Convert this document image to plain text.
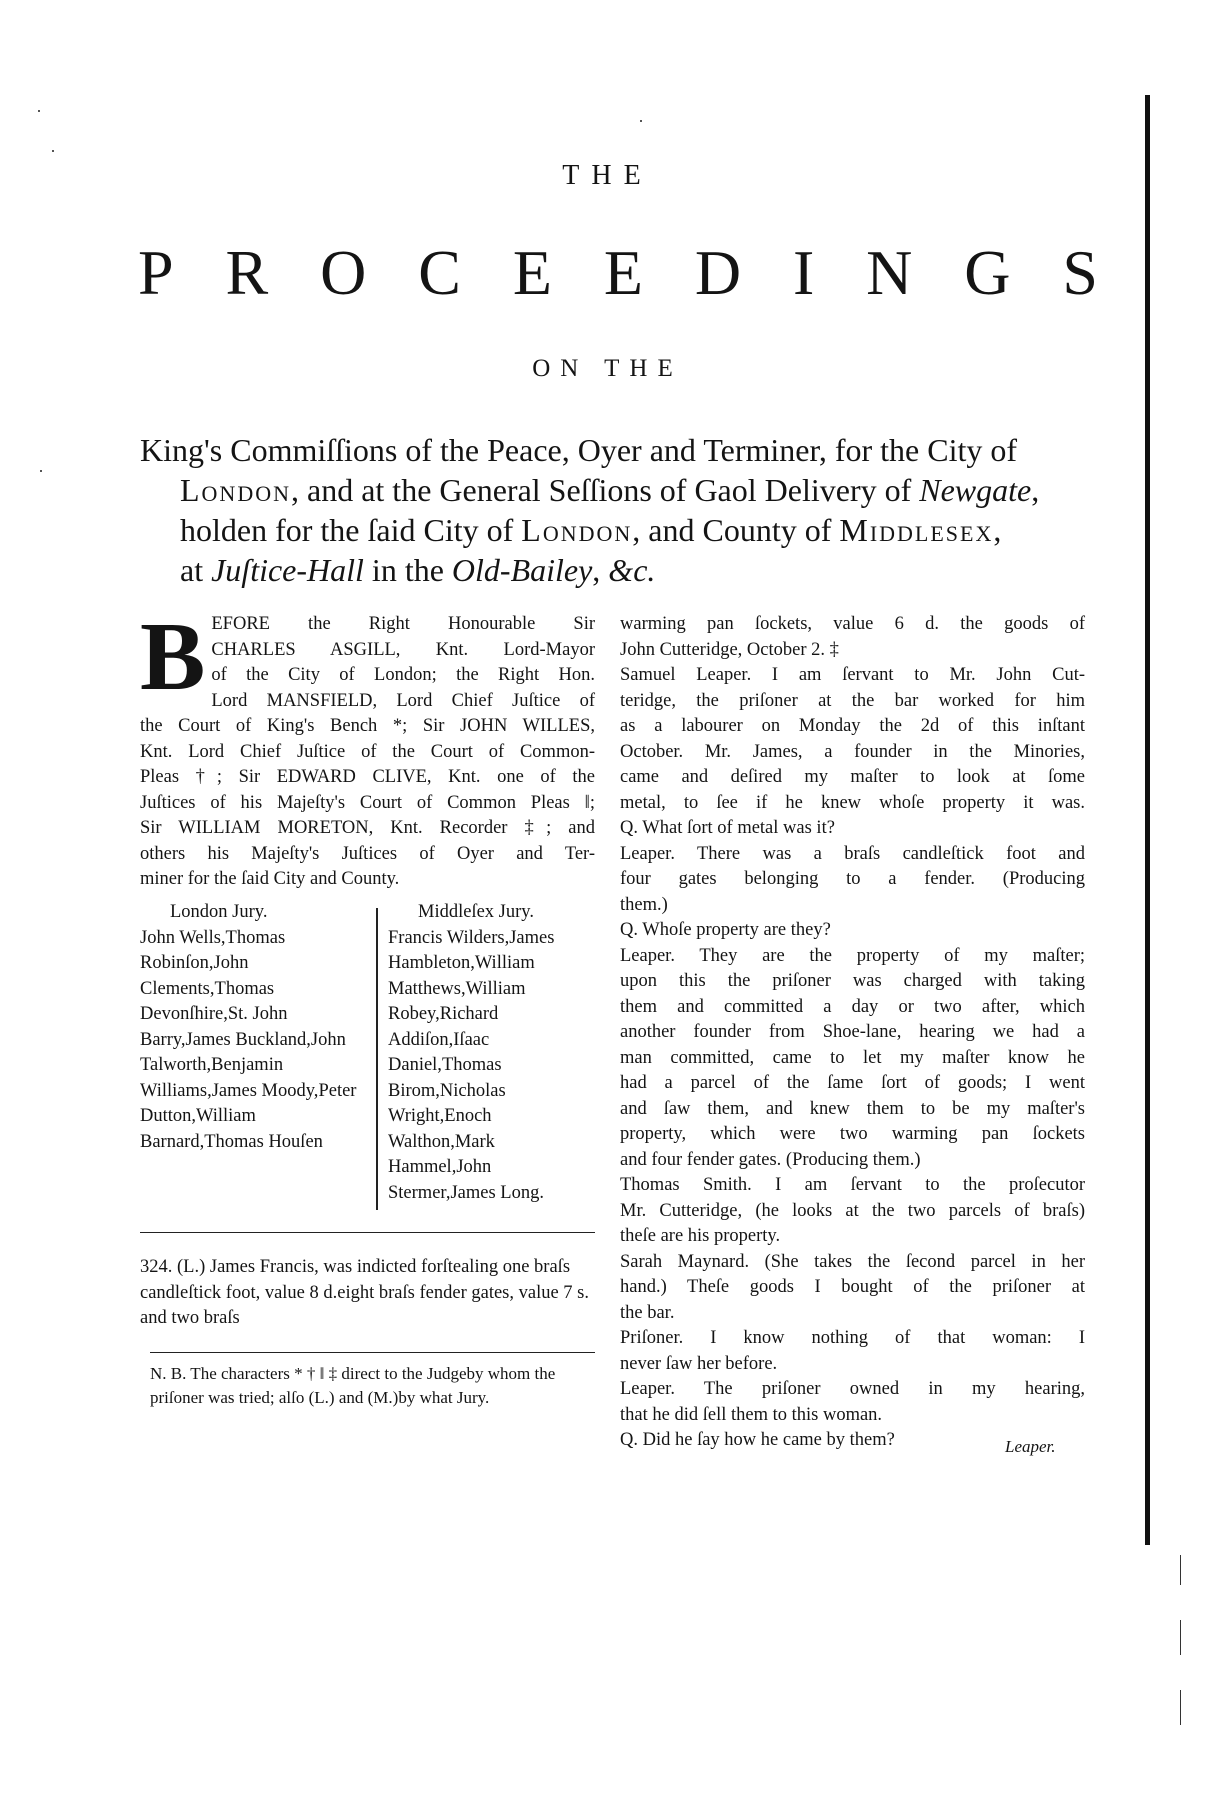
THE
P R O C E E D I N G S
ON THE
King's Commiſſions of the Peace, Oyer and Terminer, for the City of
London, and at the General Seſſions of Gaol Delivery of Newgate,
holden for the ſaid City of London, and County of Middlesex,
at Juſtice-Hall in the Old-Bailey, &c.
B EFORE the Right Honourable Sir
CHARLES ASGILL, Knt. Lord-Mayor
of the City of London; the Right Hon.
Lord MANSFIELD, Lord Chief Juſtice of
the Court of King's Bench *; Sir JOHN WILLES,
Knt. Lord Chief Juſtice of the Court of Common-
Pleas †; Sir EDWARD CLIVE, Knt. one of the
Juſtices of his Majeſty's Court of Common Pleas ‖;
Sir WILLIAM MORETON, Knt. Recorder ‡; and
others his Majeſty's Juſtices of Oyer and Ter-
miner for the ſaid City and County.
London Jury.
John Wells,Thomas Robinſon,John Clements,Thomas Devonſhire,St. John Barry,James Buckland,John Talworth,Benjamin Williams,James Moody,Peter Dutton,William Barnard,Thomas Houſen
Middleſex Jury.
Francis Wilders,James Hambleton,William Matthews,William Robey,Richard Addiſon,Iſaac Daniel,Thomas Birom,Nicholas Wright,Enoch Walthon,Mark Hammel,John Stermer,James Long.
324. (L.) James Francis, was indicted forſtealing one braſs candleſtick foot, value 8 d.eight braſs fender gates, value 7 s. and two braſs
N. B. The characters * † ‖ ‡ direct to the Judgeby whom the priſoner was tried; alſo (L.) and (M.)by what Jury.
warming pan ſockets, value 6 d. the goods of
John Cutteridge, October 2. ‡
Samuel Leaper. I am ſervant to Mr. John Cut-
teridge, the priſoner at the bar worked for him
as a labourer on Monday the 2d of this inſtant
October. Mr. James, a founder in the Minories,
came and deſired my maſter to look at ſome
metal, to ſee if he knew whoſe property it was.
Q. What ſort of metal was it?
Leaper. There was a braſs candleſtick foot and
four gates belonging to a fender. (Producing
them.)
Q. Whoſe property are they?
Leaper. They are the property of my maſter;
upon this the priſoner was charged with taking
them and committed a day or two after, which
another founder from Shoe-lane, hearing we had a
man committed, came to let my maſter know he
had a parcel of the ſame ſort of goods; I went
and ſaw them, and knew them to be my maſter's
property, which were two warming pan ſockets
and four fender gates. (Producing them.)
Thomas Smith. I am ſervant to the proſecutor
Mr. Cutteridge, (he looks at the two parcels of braſs)
theſe are his property.
Sarah Maynard. (She takes the ſecond parcel in her
hand.) Theſe goods I bought of the priſoner at
the bar.
Priſoner. I know nothing of that woman: I
never ſaw her before.
Leaper. The priſoner owned in my hearing,
that he did ſell them to this woman.
Q. Did he ſay how he came by them?	Leaper.
